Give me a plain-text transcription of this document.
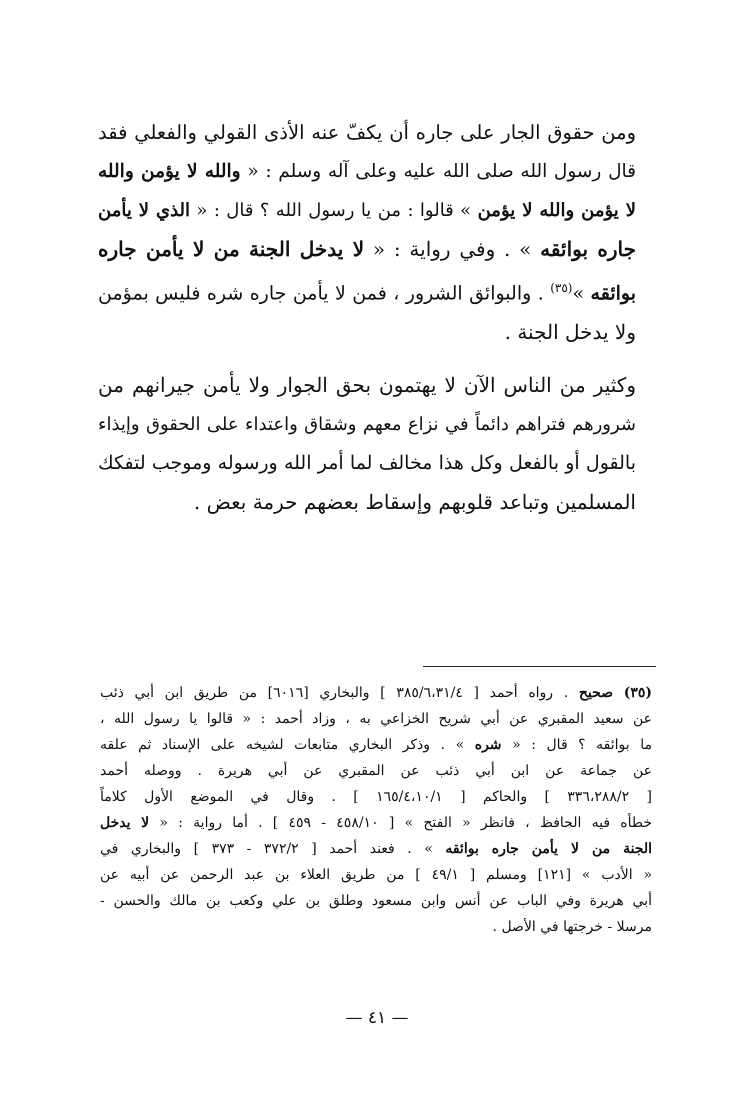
ومن حقوق الجار على جاره أن يكفّ عنه الأذى القولي والفعلي فقد
قال رسول الله صلى الله عليه وعلى آله وسلم : « والله لا يؤمن والله
لا يؤمن والله لا يؤمن » قالوا : من يا رسول الله ؟ قال : « الذي لا يأمن
جاره بوائقه » . وفي رواية : « لا يدخل الجنة من لا يأمن جاره
بوائقه »$^{(٣٥)}$ . والبوائق الشرور ، فمن لا يأمن جاره شره فليس بمؤمن
ولا يدخل الجنة .
وكثير من الناس الآن لا يهتمون بحق الجوار ولا يأمن جيرانهم من
شرورهم فتراهم دائماً في نزاع معهم وشقاق واعتداء على الحقوق وإيذاء
بالقول أو بالفعل وكل هذا مخالف لما أمر الله ورسوله وموجب لتفكك
المسلمين وتباعد قلوبهم وإسقاط بعضهم حرمة بعض .
(٣٥) صحيح . رواه أحمد [ ٣٨٥/٦،٣١/٤ ] والبخاري [٦٠١٦] من طريق ابن أبي ذئب
عن سعيد المقبري عن أبي شريح الخزاعي به ، وزاد أحمد : « قالوا يا رسول الله ،
ما بوائقه ؟ قال : « شره » . وذكر البخاري متابعات لشيخه على الإسناد ثم علقه
عن جماعة عن ابن أبي ذئب عن المقبري عن أبي هريرة . ووصله أحمد
[ ٣٣٦،٢٨٨/٢ ] والحاكم [ ١٦٥/٤،١٠/١ ] . وقال في الموضع الأول كلاماً
خطأه فيه الحافظ ، فانظر « الفتح » [ ٤٥٨/١٠ - ٤٥٩ ] . أما رواية : « لا يدخل
الجنة من لا يأمن جاره بوائقه » . فعند أحمد [ ٣٧٢/٢ - ٣٧٣ ] والبخاري في
« الأدب » [١٢١] ومسلم [ ٤٩/١ ] من طريق العلاء بن عبد الرحمن عن أبيه عن
أبي هريرة وفي الباب عن أنس وابن مسعود وطلق بن علي وكعب بن مالك والحسن -
مرسلا - خرجتها في الأصل .
— ٤١ —
